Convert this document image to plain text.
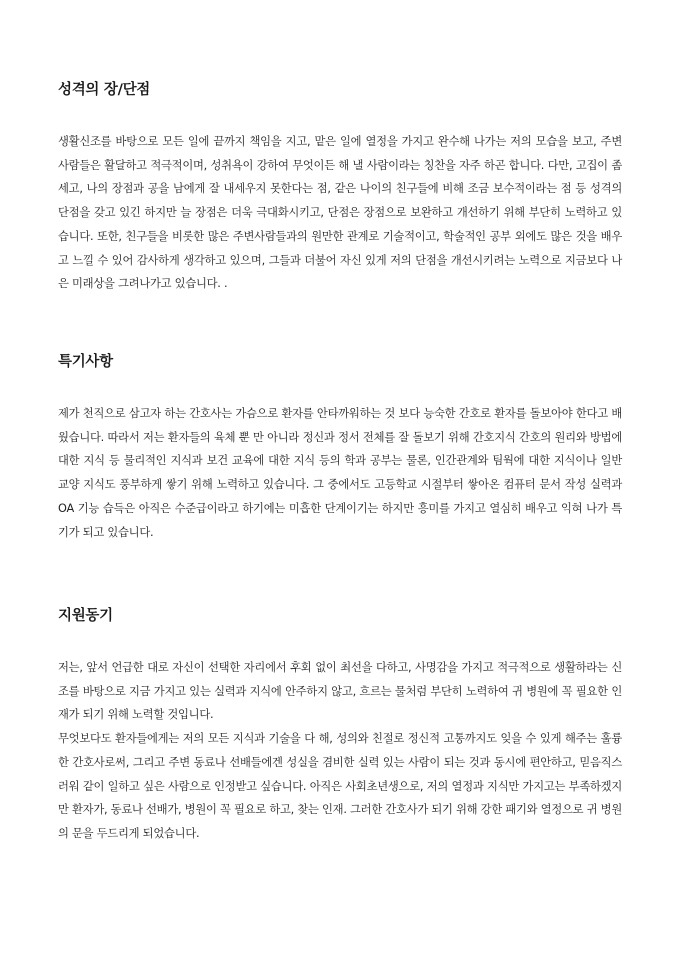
성격의 장/단점

생활신조를 바탕으로 모든 일에 끝까지 책임을 지고, 맡은 일에 열정을 가지고 완수해 나가는 저의 모습을 보고, 주변 사람들은 활달하고 적극적이며, 성취욕이 강하여 무엇이든 해 낼 사람이라는 칭찬을 자주 하곤 합니다. 다만, 고집이 좀 세고, 나의 장점과 공을 남에게 잘 내세우지 못한다는 점, 같은 나이의 친구들에 비해 조금 보수적이라는 점 등 성격의 단점을 갖고 있긴 하지만 늘 장점은 더욱 극대화시키고, 단점은 장점으로 보완하고 개선하기 위해 부단히 노력하고 있습니다. 또한, 친구들을 비롯한 많은 주변사람들과의 원만한 관계로 기술적이고, 학술적인 공부 외에도 많은 것을 배우고 느낄 수 있어 감사하게 생각하고 있으며, 그들과 더불어 자신 있게 저의 단점을 개선시키려는 노력으로 지금보다 나은 미래상을 그려나가고 있습니다. .

특기사항

제가 천직으로 삼고자 하는 간호사는 가슴으로 환자를 안타까워하는 것 보다 능숙한 간호로 환자를 돌보아야 한다고 배웠습니다. 따라서 저는 환자들의 육체 뿐 만 아니라 정신과 정서 전체를 잘 돌보기 위해 간호지식 간호의 원리와 방법에 대한 지식 등 물리적인 지식과 보건 교육에 대한 지식 등의 학과 공부는 물론, 인간관계와 팀웍에 대한 지식이나 일반 교양 지식도 풍부하게 쌓기 위해 노력하고 있습니다. 그 중에서도 고등학교 시절부터 쌓아온 컴퓨터 문서 작성 실력과 OA 기능 습득은 아직은 수준급이라고 하기에는 미흡한 단계이기는 하지만 흥미를 가지고 열심히 배우고 익혀 나가 특기가 되고 있습니다.

지원동기

저는, 앞서 언급한 대로 자신이 선택한 자리에서 후회 없이 최선을 다하고, 사명감을 가지고 적극적으로 생활하라는 신조를 바탕으로 지금 가지고 있는 실력과 지식에 안주하지 않고, 흐르는 물처럼 부단히 노력하여 귀 병원에 꼭 필요한 인재가 되기 위해 노력할 것입니다.

무엇보다도 환자들에게는 저의 모든 지식과 기술을 다 해, 성의와 친절로 정신적 고통까지도 잊을 수 있게 해주는 훌륭한 간호사로써, 그리고 주변 동료나 선배들에겐 성실을 겸비한 실력 있는 사람이 되는 것과 동시에 편안하고, 믿음직스러워 같이 일하고 싶은 사람으로 인정받고 싶습니다. 아직은 사회초년생으로, 저의 열정과 지식만 가지고는 부족하겠지만 환자가, 동료나 선배가, 병원이 꼭 필요로 하고, 찾는 인재. 그러한 간호사가 되기 위해 강한 패기와 열정으로 귀 병원의 문을 두드리게 되었습니다.
